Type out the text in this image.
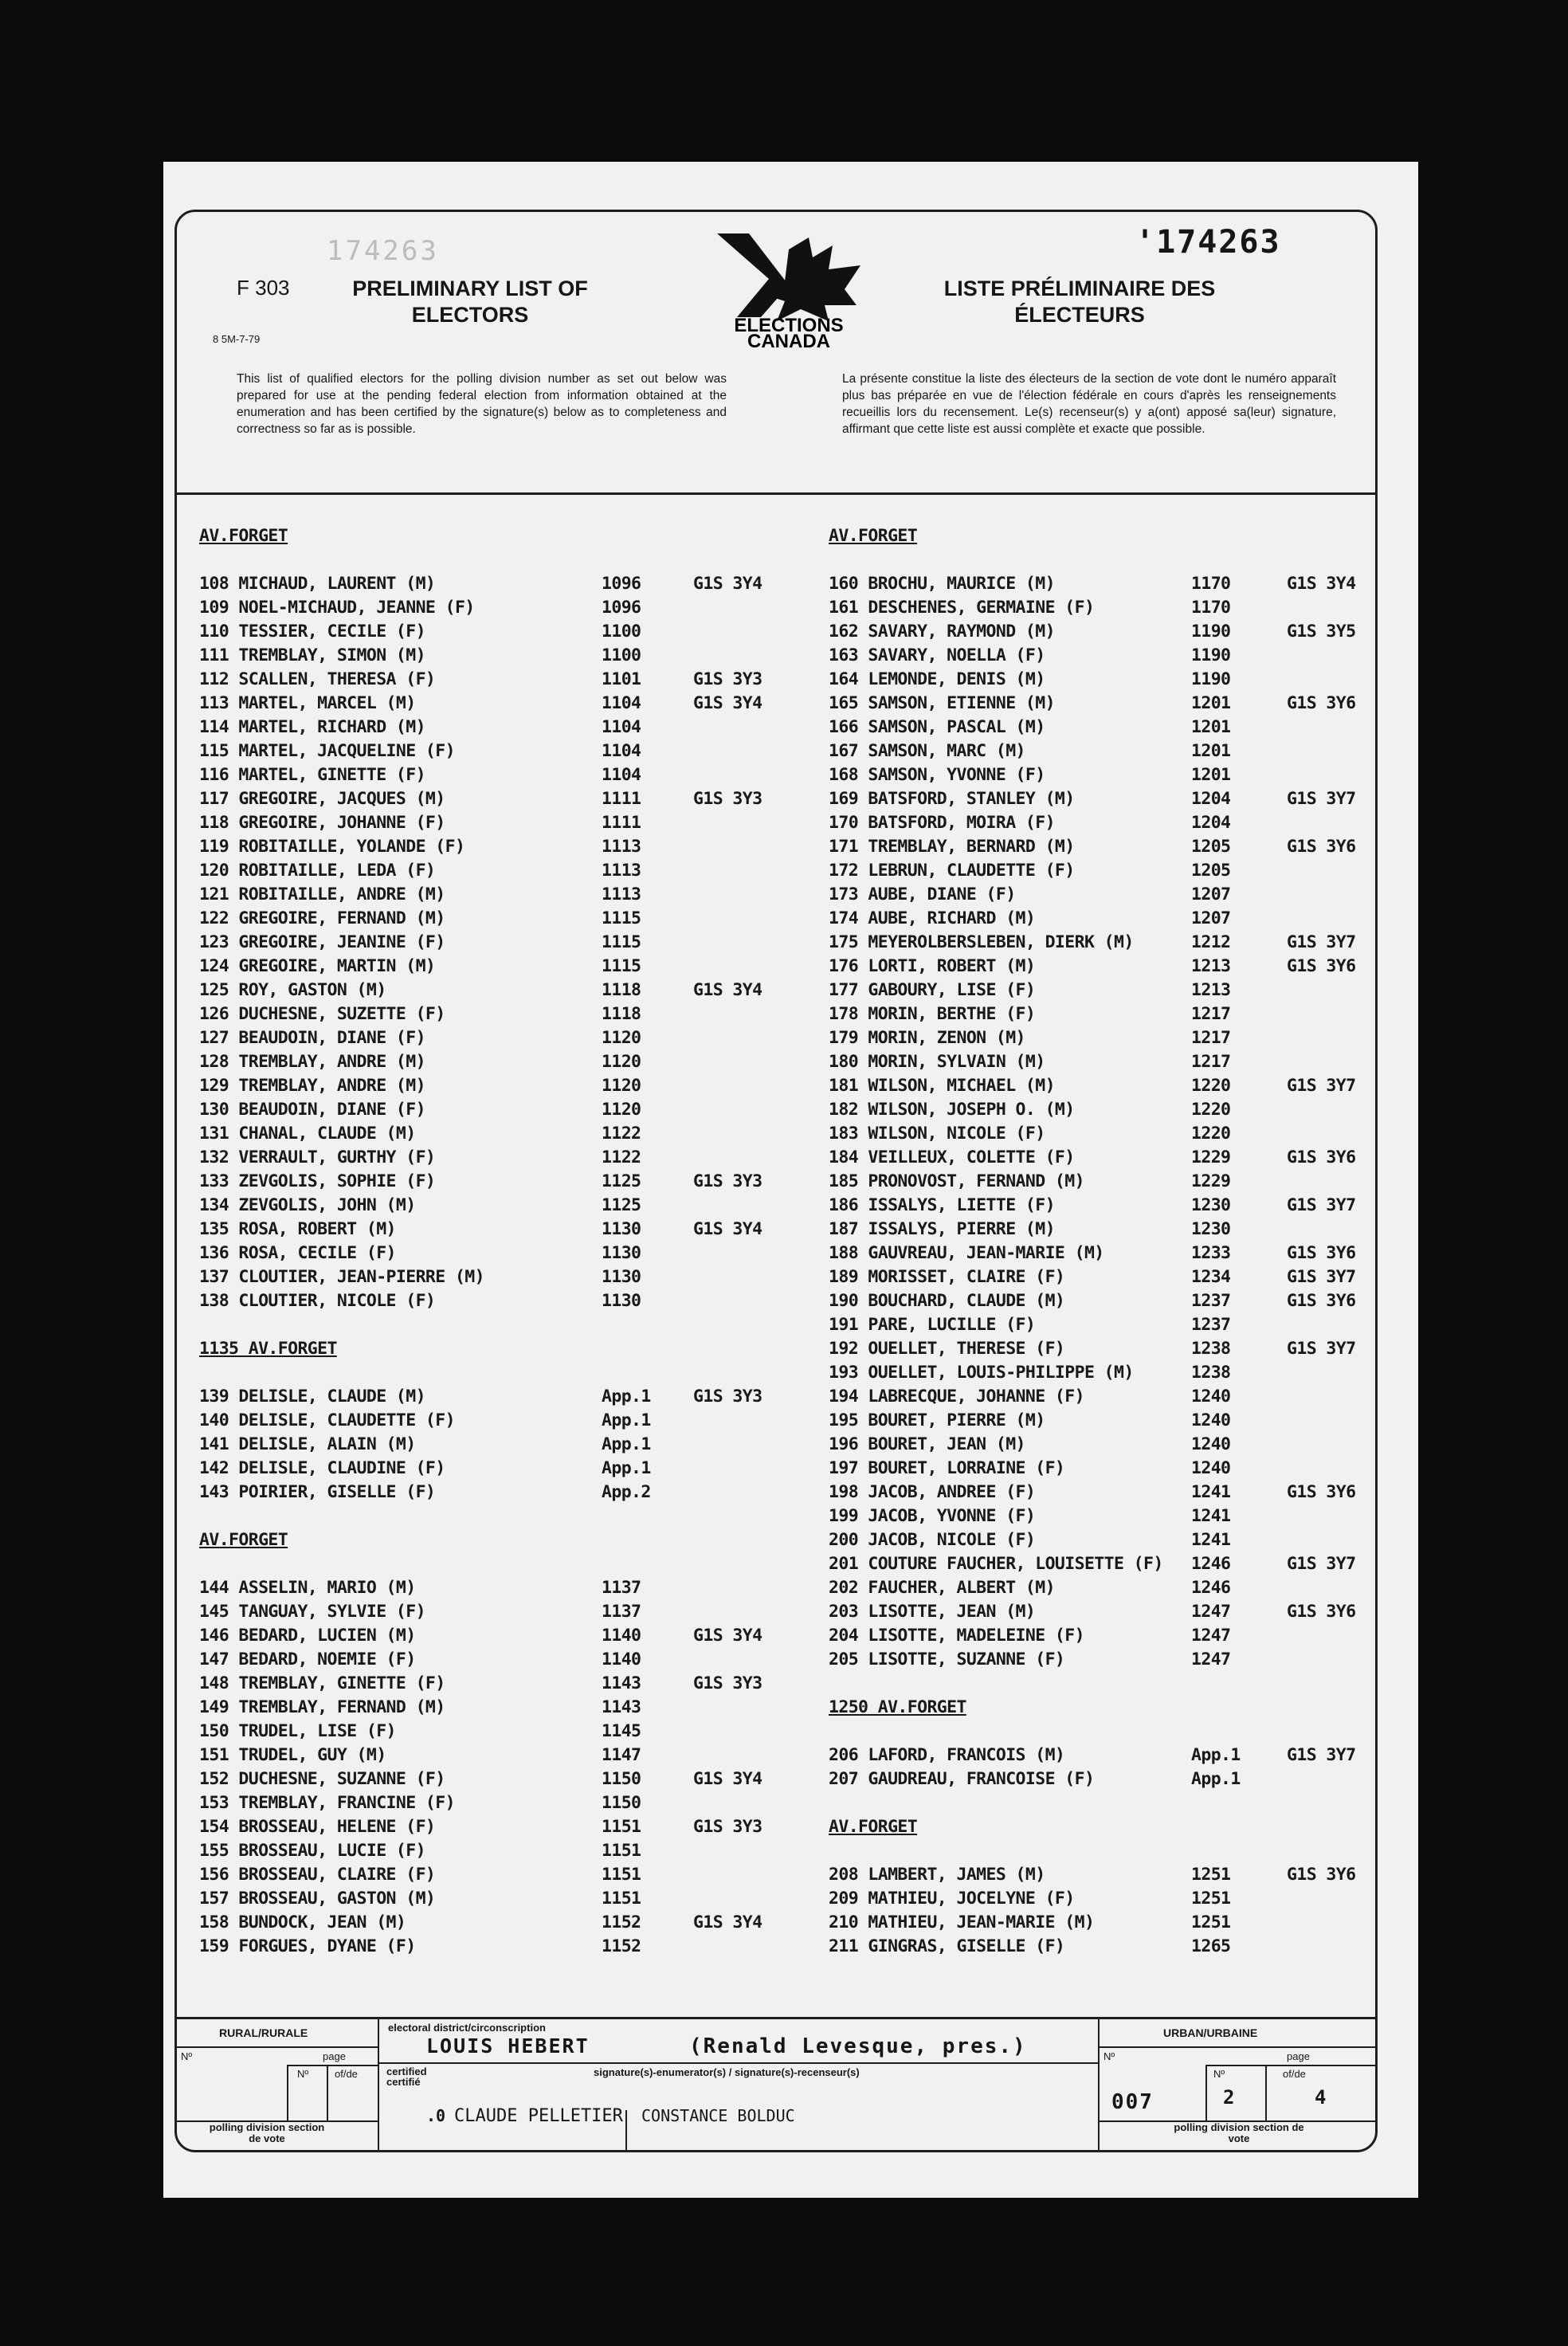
'174263
174263
F 303
8 5M-7-79
PRELIMINARY LIST OF ELECTORS
LISTE PRÉLIMINAIRE DES ÉLECTEURS
ELECTIONS
CANADA
This list of qualified electors for the polling division number as set out below was prepared for use at the pending federal election from information obtained at the enumeration and has been certified by the signature(s) below as to completeness and correctness so far as is possible.
La présente constitue la liste des électeurs de la section de vote dont le numéro apparaît plus bas préparée en vue de l'élection fédérale en cours d'après les renseignements recueillis lors du recensement. Le(s) recenseur(s) y a(ont) apposé sa(leur) signature, affirmant que cette liste est aussi complète et exacte que possible.
AV.FORGET
108 MICHAUD, LAURENT (M)	1096	G1S 3Y4
109 NOEL-MICHAUD, JEANNE (F)	1096
110 TESSIER, CECILE (F)	1100
111 TREMBLAY, SIMON (M)	1100
112 SCALLEN, THERESA (F)	1101	G1S 3Y3
113 MARTEL, MARCEL (M)	1104	G1S 3Y4
114 MARTEL, RICHARD (M)	1104
115 MARTEL, JACQUELINE (F)	1104
116 MARTEL, GINETTE (F)	1104
117 GREGOIRE, JACQUES (M)	1111	G1S 3Y3
118 GREGOIRE, JOHANNE (F)	1111
119 ROBITAILLE, YOLANDE (F)	1113
120 ROBITAILLE, LEDA (F)	1113
121 ROBITAILLE, ANDRE (M)	1113
122 GREGOIRE, FERNAND (M)	1115
123 GREGOIRE, JEANINE (F)	1115
124 GREGOIRE, MARTIN (M)	1115
125 ROY, GASTON (M)	1118	G1S 3Y4
126 DUCHESNE, SUZETTE (F)	1118
127 BEAUDOIN, DIANE (F)	1120
128 TREMBLAY, ANDRE (M)	1120
129 TREMBLAY, ANDRE (M)	1120
130 BEAUDOIN, DIANE (F)	1120
131 CHANAL, CLAUDE (M)	1122
132 VERRAULT, GURTHY (F)	1122
133 ZEVGOLIS, SOPHIE (F)	1125	G1S 3Y3
134 ZEVGOLIS, JOHN (M)	1125
135 ROSA, ROBERT (M)	1130	G1S 3Y4
136 ROSA, CECILE (F)	1130
137 CLOUTIER, JEAN-PIERRE (M)	1130
138 CLOUTIER, NICOLE (F)	1130
1135 AV.FORGET
139 DELISLE, CLAUDE (M)	App.1 G1S 3Y3
140 DELISLE, CLAUDETTE (F)	App.1
141 DELISLE, ALAIN (M)	App.1
142 DELISLE, CLAUDINE (F)	App.1
143 POIRIER, GISELLE (F)	App.2
AV.FORGET
144 ASSELIN, MARIO (M)	1137
145 TANGUAY, SYLVIE (F)	1137
146 BEDARD, LUCIEN (M)	1140	G1S 3Y4
147 BEDARD, NOEMIE (F)	1140
148 TREMBLAY, GINETTE (F)	1143	G1S 3Y3
149 TREMBLAY, FERNAND (M)	1143
150 TRUDEL, LISE (F)	1145
151 TRUDEL, GUY (M)	1147
152 DUCHESNE, SUZANNE (F)	1150	G1S 3Y4
153 TREMBLAY, FRANCINE (F)	1150
154 BROSSEAU, HELENE (F)	1151	G1S 3Y3
155 BROSSEAU, LUCIE (F)	1151
156 BROSSEAU, CLAIRE (F)	1151
157 BROSSEAU, GASTON (M)	1151
158 BUNDOCK, JEAN (M)	1152	G1S 3Y4
159 FORGUES, DYANE (F)	1152
AV.FORGET
160 BROCHU, MAURICE (M)	1170	G1S 3Y4
161 DESCHENES, GERMAINE (F)	1170
162 SAVARY, RAYMOND (M)	1190	G1S 3Y5
163 SAVARY, NOELLA (F)	1190
164 LEMONDE, DENIS (M)	1190
165 SAMSON, ETIENNE (M)	1201	G1S 3Y6
166 SAMSON, PASCAL (M)	1201
167 SAMSON, MARC (M)	1201
168 SAMSON, YVONNE (F)	1201
169 BATSFORD, STANLEY (M)	1204	G1S 3Y7
170 BATSFORD, MOIRA (F)	1204
171 TREMBLAY, BERNARD (M)	1205	G1S 3Y6
172 LEBRUN, CLAUDETTE (F)	1205
173 AUBE, DIANE (F)	1207
174 AUBE, RICHARD (M)	1207
175 MEYEROLBERSLEBEN, DIERK (M)	1212	G1S 3Y7
176 LORTI, ROBERT (M)	1213	G1S 3Y6
177 GABOURY, LISE (F)	1213
178 MORIN, BERTHE (F)	1217
179 MORIN, ZENON (M)	1217
180 MORIN, SYLVAIN (M)	1217
181 WILSON, MICHAEL (M)	1220	G1S 3Y7
182 WILSON, JOSEPH O. (M)	1220
183 WILSON, NICOLE (F)	1220
184 VEILLEUX, COLETTE (F)	1229	G1S 3Y6
185 PRONOVOST, FERNAND (M)	1229
186 ISSALYS, LIETTE (F)	1230	G1S 3Y7
187 ISSALYS, PIERRE (M)	1230
188 GAUVREAU, JEAN-MARIE (M)	1233	G1S 3Y6
189 MORISSET, CLAIRE (F)	1234	G1S 3Y7
190 BOUCHARD, CLAUDE (M)	1237	G1S 3Y6
191 PARE, LUCILLE (F)	1237
192 OUELLET, THERESE (F)	1238	G1S 3Y7
193 OUELLET, LOUIS-PHILIPPE (M)	1238
194 LABRECQUE, JOHANNE (F)	1240
195 BOURET, PIERRE (M)	1240
196 BOURET, JEAN (M)	1240
197 BOURET, LORRAINE (F)	1240
198 JACOB, ANDREE (F)	1241	G1S 3Y6
199 JACOB, YVONNE (F)	1241
200 JACOB, NICOLE (F)	1241
201 COUTURE FAUCHER, LOUISETTE (F) 1246	G1S 3Y7
202 FAUCHER, ALBERT (M)	1246
203 LISOTTE, JEAN (M)	1247	G1S 3Y6
204 LISOTTE, MADELEINE (F)	1247
205 LISOTTE, SUZANNE (F)	1247
1250 AV.FORGET
206 LAFORD, FRANCOIS (M)	App.1	G1S 3Y7
207 GAUDREAU, FRANCOISE (F)	App.1
AV.FORGET
208 LAMBERT, JAMES (M)	1251	G1S 3Y6
209 MATHIEU, JOCELYNE (F)	1251
210 MATHIEU, JEAN-MARIE (M)	1251
211 GINGRAS, GISELLE (F)	1265
RURAL/RURALE
Nº	page
Nº	of/de
polling division section de vote
electoral district/circonscription
LOUIS HEBERT	(Renald Levesque, pres.)
certified certifié
signature(s)-enumerator(s) / signature(s)-recenseur(s)
.0 CLAUDE PELLETIER CONSTANCE BOLDUC
URBAN/URBAINE
Nº	page
007
Nº
2
of/de
4
polling division section de vote
